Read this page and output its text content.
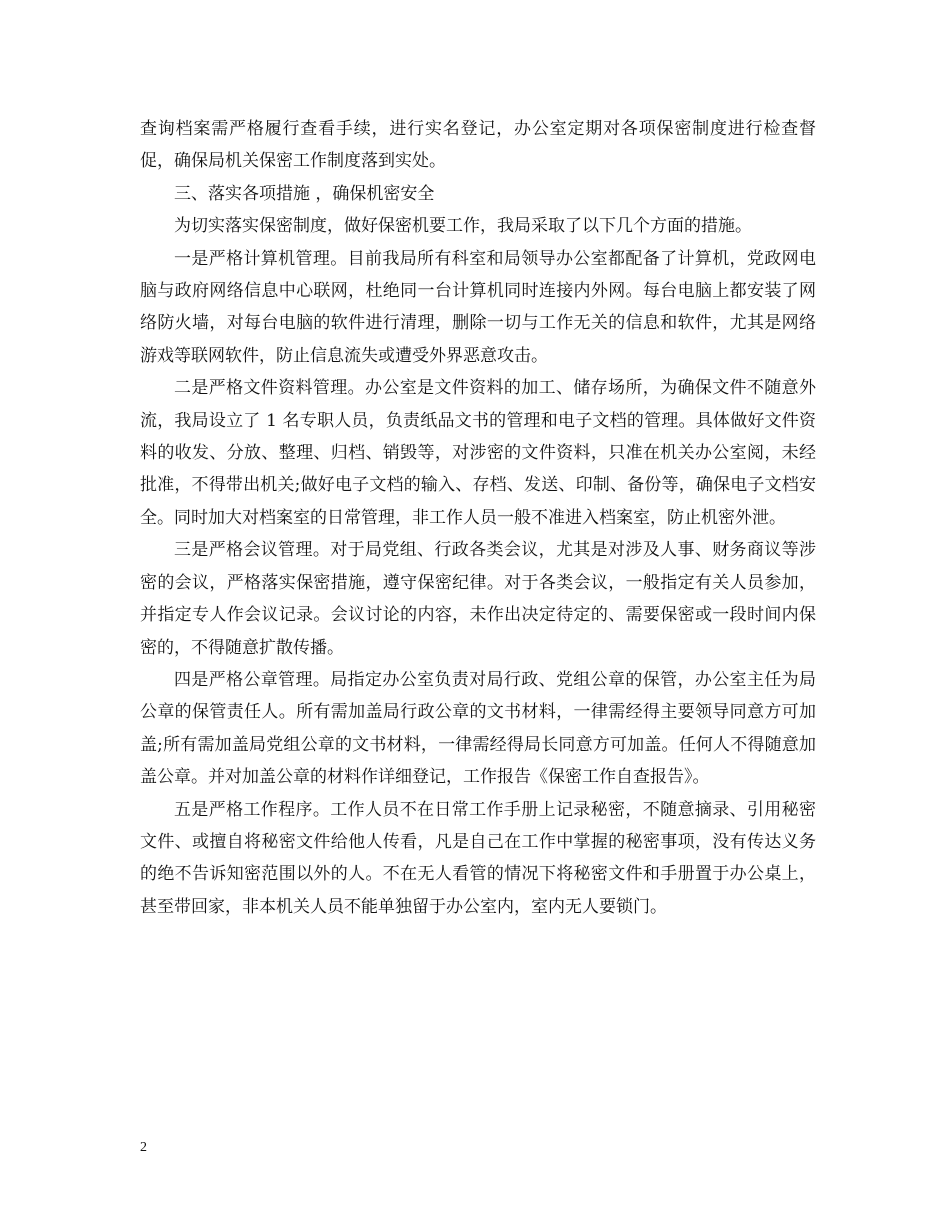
查询档案需严格履行查看手续，进行实名登记，办公室定期对各项保密制度进行检查督促，确保局机关保密工作制度落到实处。

三、落实各项措施 ，确保机密安全

为切实落实保密制度，做好保密机要工作，我局采取了以下几个方面的措施。

一是严格计算机管理。目前我局所有科室和局领导办公室都配备了计算机，党政网电脑与政府网络信息中心联网，杜绝同一台计算机同时连接内外网。每台电脑上都安装了网络防火墙，对每台电脑的软件进行清理，删除一切与工作无关的信息和软件，尤其是网络游戏等联网软件，防止信息流失或遭受外界恶意攻击。

二是严格文件资料管理。办公室是文件资料的加工、储存场所，为确保文件不随意外流，我局设立了 1 名专职人员，负责纸品文书的管理和电子文档的管理。具体做好文件资料的收发、分放、整理、归档、销毁等，对涉密的文件资料，只准在机关办公室阅，未经批准，不得带出机关;做好电子文档的输入、存档、发送、印制、备份等，确保电子文档安全。同时加大对档案室的日常管理，非工作人员一般不准进入档案室，防止机密外泄。

三是严格会议管理。对于局党组、行政各类会议，尤其是对涉及人事、财务商议等涉密的会议，严格落实保密措施，遵守保密纪律。对于各类会议，一般指定有关人员参加，并指定专人作会议记录。会议讨论的内容，未作出决定待定的、需要保密或一段时间内保密的，不得随意扩散传播。

四是严格公章管理。局指定办公室负责对局行政、党组公章的保管，办公室主任为局公章的保管责任人。所有需加盖局行政公章的文书材料，一律需经得主要领导同意方可加盖;所有需加盖局党组公章的文书材料，一律需经得局长同意方可加盖。任何人不得随意加盖公章。并对加盖公章的材料作详细登记，工作报告《保密工作自查报告》。

五是严格工作程序。工作人员不在日常工作手册上记录秘密，不随意摘录、引用秘密文件、或擅自将秘密文件给他人传看，凡是自己在工作中掌握的秘密事项，没有传达义务的绝不告诉知密范围以外的人。不在无人看管的情况下将秘密文件和手册置于办公桌上，甚至带回家，非本机关人员不能单独留于办公室内，室内无人要锁门。

2
